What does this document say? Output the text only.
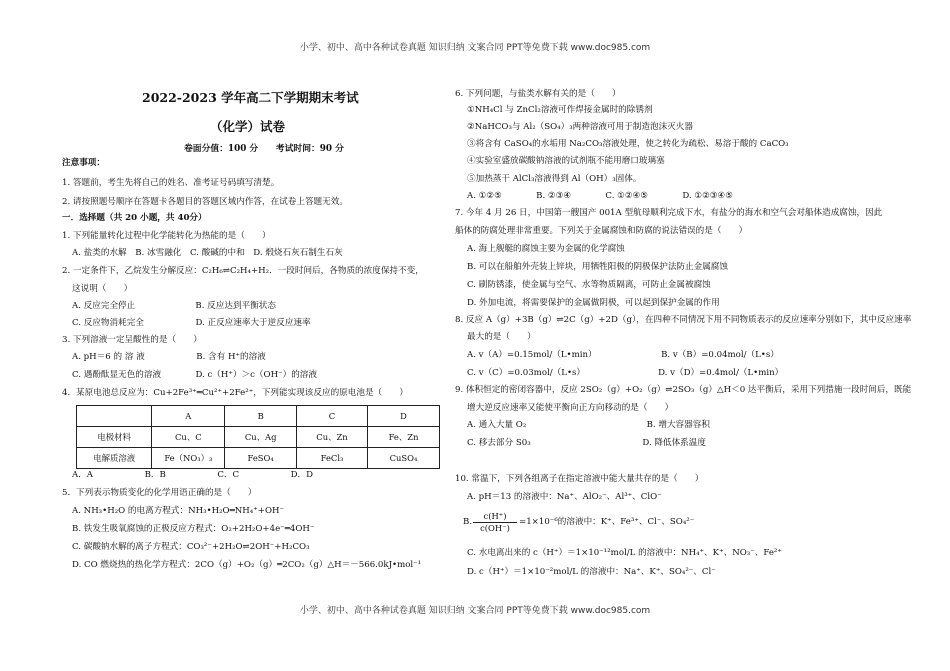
小学、初中、高中各种试卷真题 知识归纳 文案合同 PPT等免费下载 www.doc985.com
2022-2023 学年高二下学期期末考试
（化学）试卷
卷面分值：100 分　　考试时间：90 分
注意事项：
1. 答题前，考生先将自己的姓名、准考证号码填写清楚。
2. 请按照题号顺序在答题卡各题目的答题区域内作答，在试卷上答题无效。
一．选择题（共 20 小题，共 40分）
1. 下列能量转化过程中化学能转化为热能的是（　　）
A. 盐类的水解　B. 冰雪融化　C. 酸碱的中和　D. 煅烧石灰石制生石灰
2. 一定条件下，乙烷发生分解反应：C₂H₆⇌C₂H₄+H₂．一段时间后，各物质的浓度保持不变，
这说明（　　）
A. 反应完全停止　　　　　　　B. 反应达到平衡状态
C. 反应物消耗完全　　　　　　D. 正反应速率大于逆反应速率
3. 下列溶液一定呈酸性的是（　　）
A. pH＝6 的 溶 液　　　　　　B. 含有 H⁺的溶液
C. 遇酚酞显无色的溶液　　　　D. c（H⁺）＞c（OH⁻）的溶液
4．某原电池总反应为：Cu+2Fe³⁺═Cu²⁺+2Fe²⁺，下列能实现该反应的原电池是（　　）
	A	B	C	D
电极材料	Cu、C	Cu、Ag	Cu、Zn	Fe、Zn
电解质溶液	Fe（NO₃）₃	FeSO₄	FeCl₃	CuSO₄
A．A　　　　　　B．B　　　　　　C．C　　　　　　D．D
5．下列表示物质变化的化学用语正确的是（　　）
A. NH₃•H₂O 的电离方程式：NH₃•H₂O═NH₄⁺+OH⁻
B. 铁发生吸氧腐蚀的正极反应方程式：O₂+2H₂O+4e⁻═4OH⁻
C. 碳酸钠水解的离子方程式：CO₃²⁻+2H₂O⇌2OH⁻+H₂CO₃
D. CO 燃烧热的热化学方程式：2CO（g）+O₂（g）═2CO₂（g）△H＝－566.0kJ•mol⁻¹
6. 下列问题，与盐类水解有关的是（　　）
①NH₄Cl 与 ZnCl₂溶液可作焊接金属时的除锈剂
②NaHCO₃与 Al₂（SO₄）₃两种溶液可用于制造泡沫灭火器
③将含有 CaSO₄的水垢用 Na₂CO₃溶液处理，使之转化为疏松、易溶于酸的 CaCO₃
④实验室盛放碳酸钠溶液的试剂瓶不能用磨口玻璃塞
⑤加热蒸干 AlCl₃溶液得到 Al（OH）₃固体。
A. ①②⑤　　　　B. ②③④　　　　C. ①②④⑤　　　　D. ①②③④⑤
7. 今年 4 月 26 日，中国第一艘国产 001A 型航母顺利完成下水，有盐分的海水和空气会对船体造成腐蚀，因此
船体的防腐处理非常重要。下列关于金属腐蚀和防腐的说法错误的是（　　）
A. 海上舰艇的腐蚀主要为金属的化学腐蚀
B. 可以在船舶外壳装上锌块，用牺牲阳极的阴极保护法防止金属腐蚀
C. 刷防锈漆，使金属与空气、水等物质隔离，可防止金属被腐蚀
D. 外加电流，将需要保护的金属做阴极，可以起到保护金属的作用
8. 反应 A（g）+3B（g）⇌2C（g）+2D（g），在四种不同情况下用不同物质表示的反应速率分别如下，其中反应速率
最大的是（　　）
A. v（A）=0.15mol/（L•min）　　　　　　　　B. v（B）=0.04mol/（L•s）
C. v（C）=0.03mol/（L•s）　　　　　　　　　D. v（D）=0.4mol/（L•min）
9. 体积恒定的密闭容器中，反应 2SO₂（g）+O₂（g）⇌2SO₃（g）△H＜0 达平衡后，采用下列措施一段时间后，既能
增大逆反应速率又能使平衡向正方向移动的是（　　）
A. 通入大量 O₂　　　　　　　　　　　　　　B. 增大容器容积
C. 移去部分 S0₃　　　　　　　　　　　　　D. 降低体系温度
10. 常温下，下列各组离子在指定溶液中能大量共存的是（　　）
A. pH＝13 的溶液中：Na⁺、AlO₂⁻、Al³⁺、ClO⁻
B. $\frac{c(H^+)}{c(OH^-)} =1\times 10^{-6}$的溶液中：K⁺、Fe³⁺、Cl⁻、SO₄²⁻
C. 水电离出来的 c（H⁺）＝1×10⁻¹²mol/L 的溶液中：NH₄⁺、K⁺、NO₃⁻、Fe²⁺
D. c（H⁺）＝1×10⁻²mol/L 的溶液中：Na⁺、K⁺、SO₄²⁻、Cl⁻
小学、初中、高中各种试卷真题 知识归纳 文案合同 PPT等免费下载 www.doc985.com
